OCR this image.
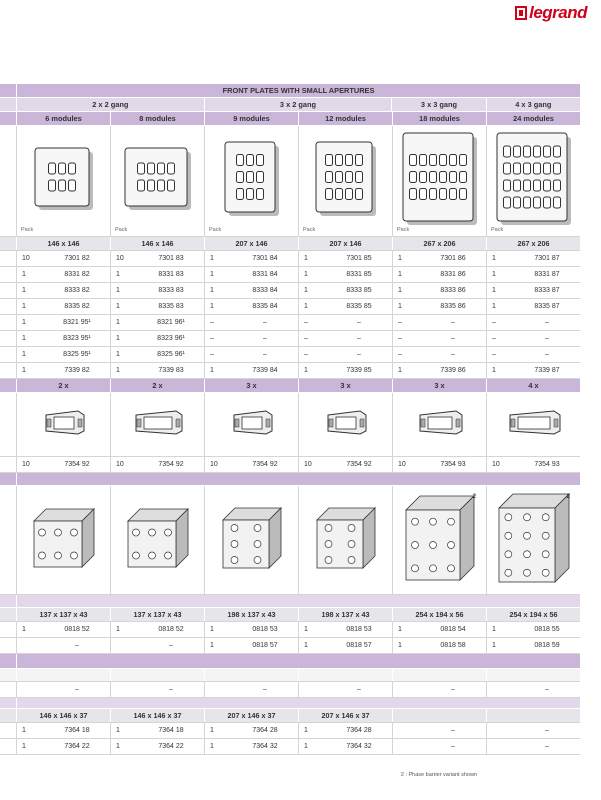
legrand
FRONT PLATES WITH SMALL APERTURES
2 x 2 gang	3 x 2 gang	3 x 3 gang	4 x 3 gang
6 modules	8 modules	9 modules	12 modules	18 modules	24 modules
Pack	Pack	Pack	Pack	Pack	Pack
146 x 146	146 x 146	207 x 146	207 x 146	267 x 206	267 x 206
10	7301 82	10	7301 83	1	7301 84	1	7301 85	1	7301 86	1	7301 87
1	8331 82	1	8331 83	1	8331 84	1	8331 85	1	8331 86	1	8331 87
1	8333 82	1	8333 83	1	8333 84	1	8333 85	1	8333 86	1	8333 87
1	8335 82	1	8335 83	1	8335 84	1	8335 85	1	8335 86	1	8335 87
1	8321 95¹	1	8321 96¹	–	–	–	–	–	–	–	–
1	8323 95¹	1	8323 96¹	–	–	–	–	–	–	–	–
1	8325 95¹	1	8325 96¹	–	–	–	–	–	–	–	–
1	7339 82	1	7339 83	1	7339 84	1	7339 85	1	7339 86	1	7339 87
2 x	2 x	3 x	3 x	3 x	4 x
10	7354 92	10	7354 92	10	7354 92	10	7354 92	10	7354 93	10	7354 93
2	2
137 x 137 x 43	137 x 137 x 43	198 x 137 x 43	198 x 137 x 43	254 x 194 x 56	254 x 194 x 56
1	0818 52	1	0818 52	1	0818 53	1	0818 53	1	0818 54	1	0818 55
–	–	1	0818 57	1	0818 57	1	0818 58	1	0818 59
–	–	–	–	–	–
146 x 146 x 37	146 x 146 x 37	207 x 146 x 37	207 x 146 x 37
1	7364 18	1	7364 18	1	7364 28	1	7364 28	–	–
1	7364 22	1	7364 22	1	7364 32	1	7364 32	–	–
2 : Phase barrier variant shown
